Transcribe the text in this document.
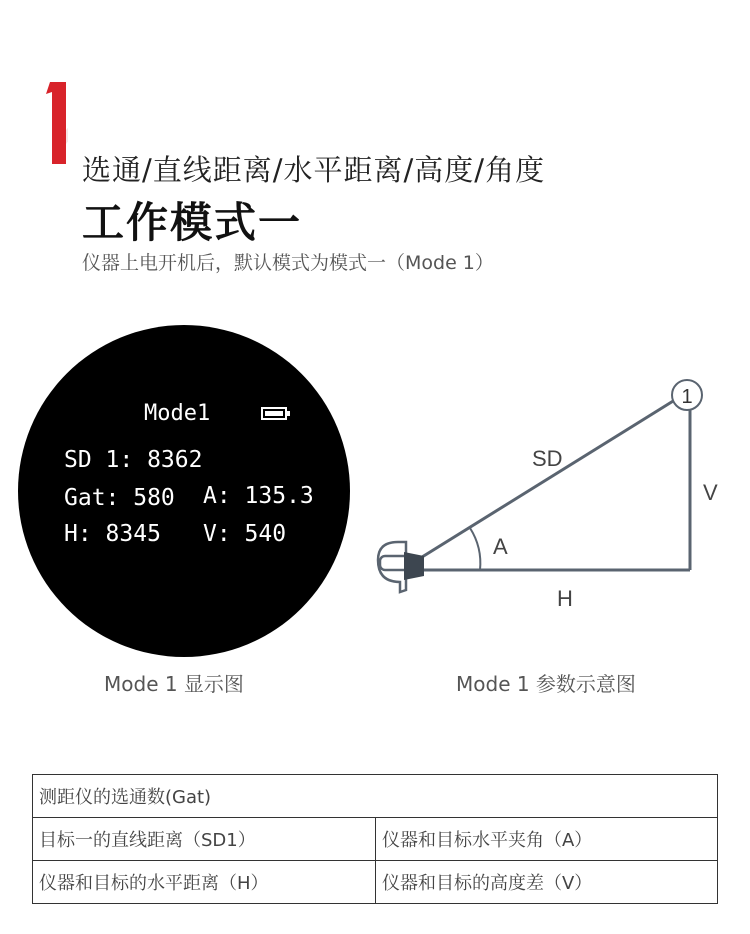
选通/直线距离/水平距离/高度/角度
工作模式一
仪器上电开机后，默认模式为模式一（Mode 1）
Mode1
SD 1: 8362
Gat: 580 A: 135.3
H: 8345 V: 540
Mode 1 显示图
1
SD
V
H
A
Mode 1 参数示意图
测距仪的选通数(Gat)	
目标一的直线距离（SD1）	仪器和目标水平夹角（A）
仪器和目标的水平距离（H）	仪器和目标的高度差（V）
